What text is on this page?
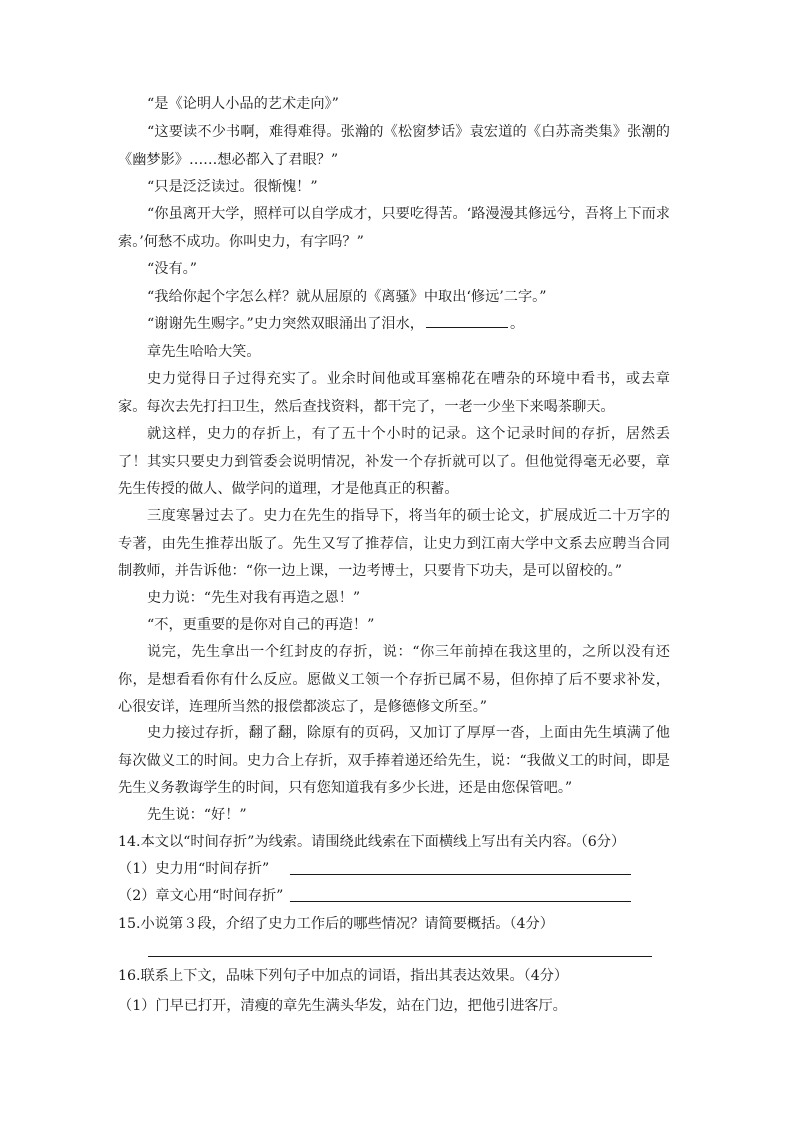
“是《论明人小品的艺术走向》”

“这要读不少书啊，难得难得。张瀚的《松窗梦话》袁宏道的《白苏斋类集》张潮的《幽梦影》……想必都入了君眼？”

“只是泛泛读过。很惭愧！”

“你虽离开大学，照样可以自学成才，只要吃得苦。‘路漫漫其修远兮，吾将上下而求索。’何愁不成功。你叫史力，有字吗？”

“没有。”

“我给你起个字怎么样？就从屈原的《离骚》中取出‘修远’二字。”

“谢谢先生赐字。”史力突然双眼涌出了泪水，	。

章先生哈哈大笑。

史力觉得日子过得充实了。业余时间他或耳塞棉花在嘈杂的环境中看书，或去章家。每次去先打扫卫生，然后查找资料，都干完了，一老一少坐下来喝茶聊天。

就这样，史力的存折上，有了五十个小时的记录。这个记录时间的存折，居然丢了！其实只要史力到管委会说明情况，补发一个存折就可以了。但他觉得毫无必要，章先生传授的做人、做学问的道理，才是他真正的积蓄。

三度寒暑过去了。史力在先生的指导下，将当年的硕士论文，扩展成近二十万字的专著，由先生推荐出版了。先生又写了推荐信，让史力到江南大学中文系去应聘当合同制教师，并告诉他：“你一边上课，一边考博士，只要肯下功夫，是可以留校的。”

史力说：“先生对我有再造之恩！”

“不，更重要的是你对自己的再造！”

说完，先生拿出一个红封皮的存折，说：“你三年前掉在我这里的，之所以没有还你，是想看看你有什么反应。愿做义工领一个存折已属不易，但你掉了后不要求补发，心很安详，连理所当然的报偿都淡忘了，是修德修文所至。”

史力接过存折，翻了翻，除原有的页码，又加订了厚厚一沓，上面由先生填满了他每次做义工的时间。史力合上存折，双手捧着递还给先生，说：“我做义工的时间，即是先生义务教诲学生的时间，只有您知道我有多少长进，还是由您保管吧。”

先生说：“好！”

14.本文以“时间存折”为线索。请围绕此线索在下面横线上写出有关内容。（6分）

（1）史力用“时间存折”

（2）章文心用“时间存折”

15.小说第３段，介绍了史力工作后的哪些情况？请简要概括。（4分）

16.联系上下文，品味下列句子中加点的词语，指出其表达效果。（4分）

（1）门早已打开，清瘦的章先生满头华发，站在门边，把他引进客厅。
